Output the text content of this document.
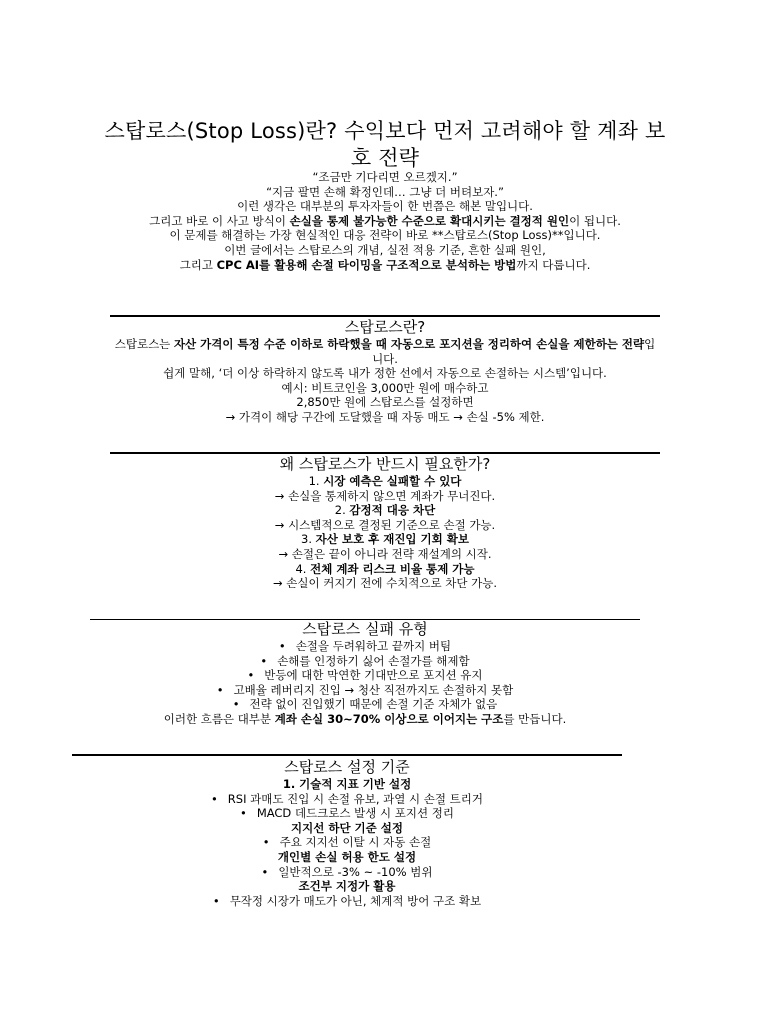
스탑로스(Stop Loss)란? 수익보다 먼저 고려해야 할 계좌 보호 전략
“조금만 기다리면 오르겠지.”
“지금 팔면 손해 확정인데… 그냥 더 버텨보자.”
이런 생각은 대부분의 투자자들이 한 번쯤은 해본 말입니다.
그리고 바로 이 사고 방식이 손실을 통제 불가능한 수준으로 확대시키는 결정적 원인이 됩니다.
이 문제를 해결하는 가장 현실적인 대응 전략이 바로 **스탑로스(Stop Loss)**입니다.
이번 글에서는 스탑로스의 개념, 실전 적용 기준, 흔한 실패 원인,
그리고 CPC AI를 활용해 손절 타이밍을 구조적으로 분석하는 방법까지 다룹니다.
스탑로스란?
스탑로스는 자산 가격이 특정 수준 이하로 하락했을 때 자동으로 포지션을 정리하여 손실을 제한하는 전략입니다.
쉽게 말해, ‘더 이상 하락하지 않도록 내가 정한 선에서 자동으로 손절하는 시스템’입니다.
예시: 비트코인을 3,000만 원에 매수하고
2,850만 원에 스탑로스를 설정하면
→ 가격이 해당 구간에 도달했을 때 자동 매도 → 손실 -5% 제한.
왜 스탑로스가 반드시 필요한가?
1. 시장 예측은 실패할 수 있다
→ 손실을 통제하지 않으면 계좌가 무너진다.
2. 감정적 대응 차단
→ 시스템적으로 결정된 기준으로 손절 가능.
3. 자산 보호 후 재진입 기회 확보
→ 손절은 끝이 아니라 전략 재설계의 시작.
4. 전체 계좌 리스크 비율 통제 가능
→ 손실이 커지기 전에 수치적으로 차단 가능.
스탑로스 실패 유형
• 손절을 두려워하고 끝까지 버팀
• 손해를 인정하기 싫어 손절가를 해제함
• 반등에 대한 막연한 기대만으로 포지션 유지
• 고배율 레버리지 진입 → 청산 직전까지도 손절하지 못함
• 전략 없이 진입했기 때문에 손절 기준 자체가 없음
이러한 흐름은 대부분 계좌 손실 30~70% 이상으로 이어지는 구조를 만듭니다.
스탑로스 설정 기준
1. 기술적 지표 기반 설정
• RSI 과매도 진입 시 손절 유보, 과열 시 손절 트리거
• MACD 데드크로스 발생 시 포지션 정리
지지선 하단 기준 설정
• 주요 지지선 이탈 시 자동 손절
개인별 손실 허용 한도 설정
• 일반적으로 -3% ~ -10% 범위
조건부 지정가 활용
• 무작정 시장가 매도가 아닌, 체계적 방어 구조 확보
